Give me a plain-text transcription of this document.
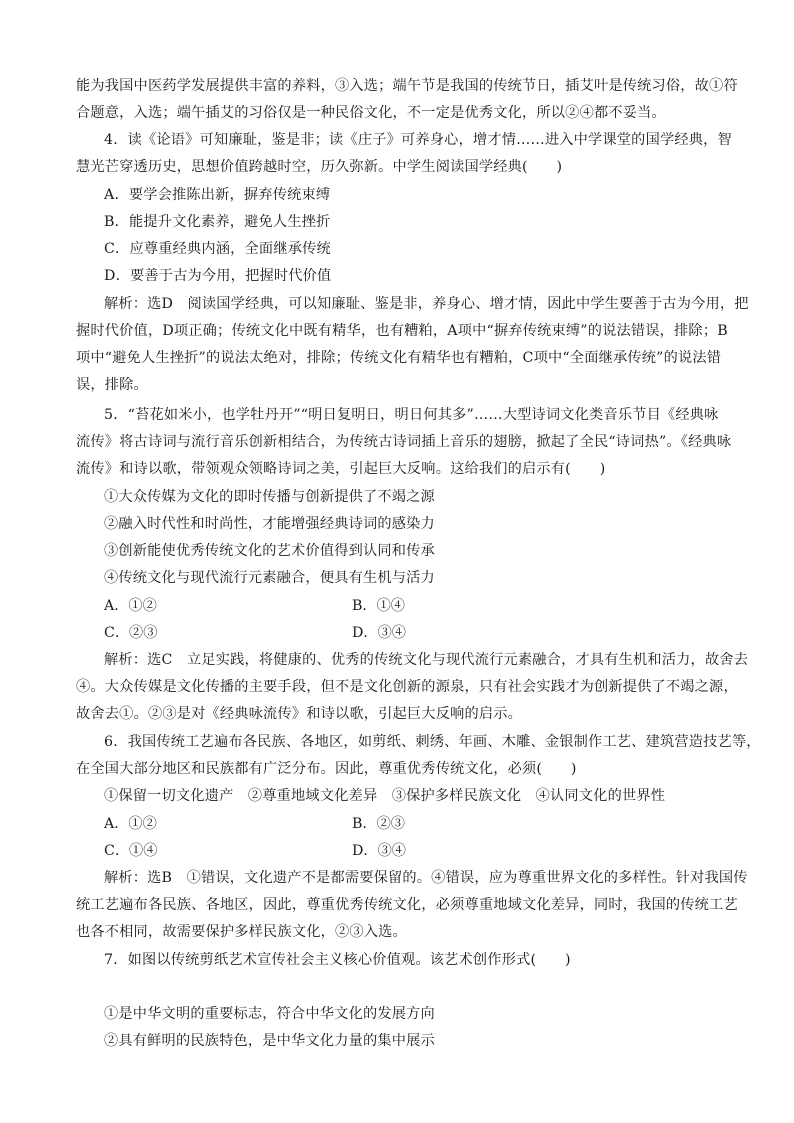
能为我国中医药学发展提供丰富的养料，③入选；端午节是我国的传统节日，插艾叶是传统习俗，故①符
合题意，入选；端午插艾的习俗仅是一种民俗文化，不一定是优秀文化，所以②④都不妥当。
4．读《论语》可知廉耻，鉴是非；读《庄子》可养身心，增才情……进入中学课堂的国学经典，智
慧光芒穿透历史，思想价值跨越时空，历久弥新。中学生阅读国学经典(　　)
A．要学会推陈出新，摒弃传统束缚
B．能提升文化素养，避免人生挫折
C．应尊重经典内涵，全面继承传统
D．要善于古为今用，把握时代价值
解析：选D　阅读国学经典，可以知廉耻、鉴是非，养身心、增才情，因此中学生要善于古为今用，把
握时代价值，D项正确；传统文化中既有精华，也有糟粕，A项中“摒弃传统束缚”的说法错误，排除；B
项中“避免人生挫折”的说法太绝对，排除；传统文化有精华也有糟粕，C项中“全面继承传统”的说法错
误，排除。
5．“苔花如米小，也学牡丹开”“明日复明日，明日何其多”……大型诗词文化类音乐节目《经典咏
流传》将古诗词与流行音乐创新相结合，为传统古诗词插上音乐的翅膀，掀起了全民“诗词热”。《经典咏
流传》和诗以歌，带领观众领略诗词之美，引起巨大反响。这给我们的启示有(　　)
①大众传媒为文化的即时传播与创新提供了不竭之源
②融入时代性和时尚性，才能增强经典诗词的感染力
③创新能使优秀传统文化的艺术价值得到认同和传承
④传统文化与现代流行元素融合，便具有生机与活力
A．①②	B．①④
C．②③	D．③④
解析：选C　立足实践，将健康的、优秀的传统文化与现代流行元素融合，才具有生机和活力，故舍去
④。大众传媒是文化传播的主要手段，但不是文化创新的源泉，只有社会实践才为创新提供了不竭之源，
故舍去①。②③是对《经典咏流传》和诗以歌，引起巨大反响的启示。
6．我国传统工艺遍布各民族、各地区，如剪纸、刺绣、年画、木雕、金银制作工艺、建筑营造技艺等，
在全国大部分地区和民族都有广泛分布。因此，尊重优秀传统文化，必须(　　)
①保留一切文化遗产　②尊重地域文化差异　③保护多样民族文化　④认同文化的世界性
A．①②	B．②③
C．①④	D．③④
解析：选B　①错误，文化遗产不是都需要保留的。④错误，应为尊重世界文化的多样性。针对我国传
统工艺遍布各民族、各地区，因此，尊重优秀传统文化，必须尊重地域文化差异，同时，我国的传统工艺
也各不相同，故需要保护多样民族文化，②③入选。
7．如图以传统剪纸艺术宣传社会主义核心价值观。该艺术创作形式(　　)
①是中华文明的重要标志，符合中华文化的发展方向
②具有鲜明的民族特色，是中华文化力量的集中展示
